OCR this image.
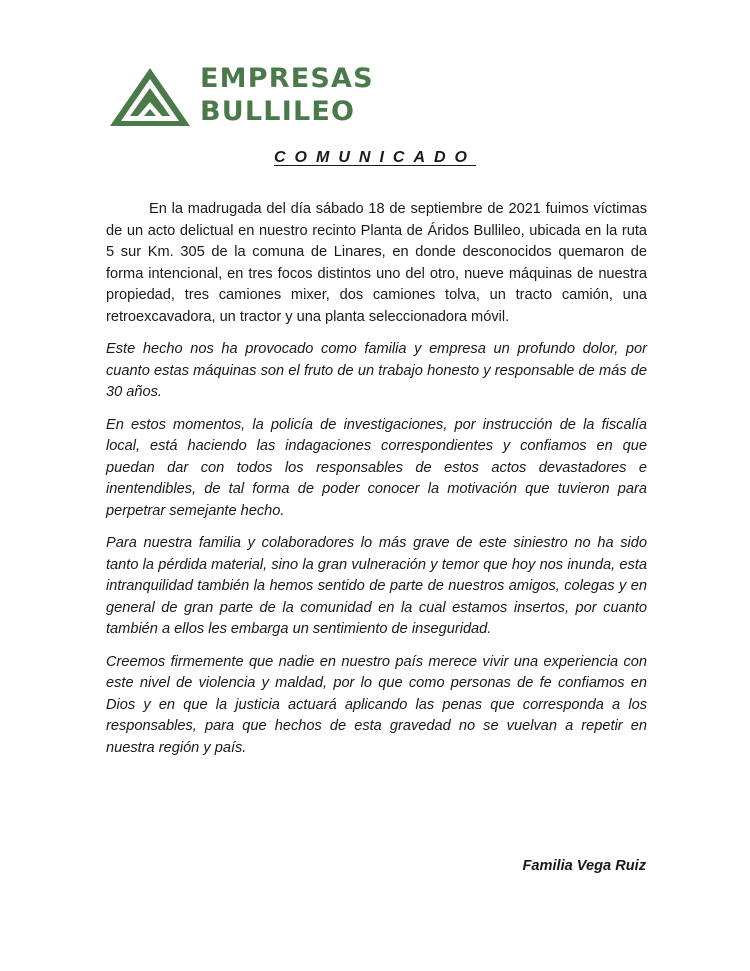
EMPRESAS
BULLILEO
COMUNICADO

En la madrugada del día sábado 18 de septiembre de 2021 fuimos víctimas de un acto delictual en nuestro recinto Planta de Áridos Bullileo, ubicada en la ruta 5 sur Km. 305 de la comuna de Linares, en donde desconocidos quemaron de forma intencional, en tres focos distintos uno del otro, nueve máquinas de nuestra propiedad, tres camiones mixer, dos camiones tolva, un tracto camión, una retroexcavadora, un tractor y una planta seleccionadora móvil.

Este hecho nos ha provocado como familia y empresa un profundo dolor, por cuanto estas máquinas son el fruto de un trabajo honesto y responsable de más de 30 años.

En estos momentos, la policía de investigaciones, por instrucción de la fiscalía local, está haciendo las indagaciones correspondientes y confiamos en que puedan dar con todos los responsables de estos actos devastadores e inentendibles, de tal forma de poder conocer la motivación que tuvieron para perpetrar semejante hecho.

Para nuestra familia y colaboradores lo más grave de este siniestro no ha sido tanto la pérdida material, sino la gran vulneración y temor que hoy nos inunda, esta intranquilidad también la hemos sentido de parte de nuestros amigos, colegas y en general de gran parte de la comunidad en la cual estamos insertos, por cuanto también a ellos les embarga un sentimiento de inseguridad.

Creemos firmemente que nadie en nuestro país merece vivir una experiencia con este nivel de violencia y maldad, por lo que como personas de fe confiamos en Dios y en que la justicia actuará aplicando las penas que corresponda a los responsables, para que hechos de esta gravedad no se vuelvan a repetir en nuestra región y país.

Familia Vega Ruiz
